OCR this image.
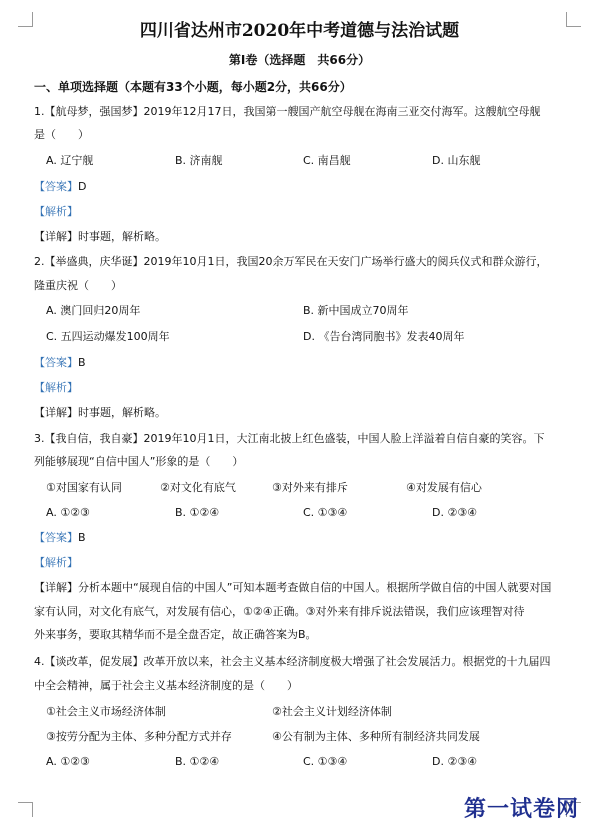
四川省达州市2020年中考道德与法治试题
第I卷（选择题　共66分）
一、单项选择题（本题有33个小题，每小题2分，共66分）
1.【航母梦，强国梦】2019年12月17日，我国第一艘国产航空母舰在海南三亚交付海军。这艘航空母舰
是（　　）
A. 辽宁舰	B. 济南舰	C. 南昌舰	D. 山东舰
【答案】D
【解析】
【详解】时事题，解析略。
2.【举盛典，庆华诞】2019年10月1日，我国20余万军民在天安门广场举行盛大的阅兵仪式和群众游行，
隆重庆祝（　　）
A. 澳门回归20周年	B. 新中国成立70周年
C. 五四运动爆发100周年	D. 《告台湾同胞书》发表40周年
【答案】B
【解析】
【详解】时事题，解析略。
3.【我自信，我自豪】2019年10月1日，大江南北披上红色盛装，中国人脸上洋溢着自信自豪的笑容。下
列能够展现“自信中国人”形象的是（　　）
①对国家有认同	②对文化有底气	③对外来有排斥	④对发展有信心
A. ①②③	B. ①②④	C. ①③④	D. ②③④
【答案】B
【解析】
【详解】分析本题中“展现自信的中国人”可知本题考查做自信的中国人。根据所学做自信的中国人就要对国
家有认同，对文化有底气，对发展有信心，①②④正确。③对外来有排斥说法错误，我们应该理智对待
外来事务，要取其精华而不是全盘否定，故正确答案为B。
4.【谈改革，促发展】改革开放以来，社会主义基本经济制度极大增强了社会发展活力。根据党的十九届四
中全会精神，属于社会主义基本经济制度的是（　　）
①社会主义市场经济体制	②社会主义计划经济体制
③按劳分配为主体、多种分配方式并存	④公有制为主体、多种所有制经济共同发展
A. ①②③	B. ①②④	C. ①③④	D. ②③④
第一试卷网
